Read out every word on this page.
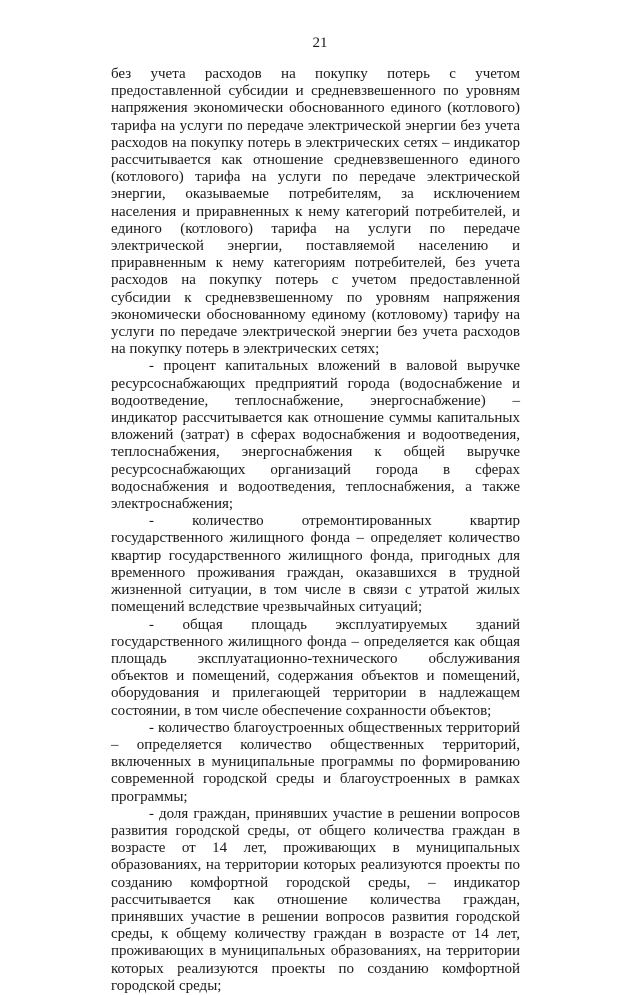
21

без учета расходов на покупку потерь с учетом предоставленной субсидии и средневзвешенного по уровням напряжения экономически обоснованного единого (котлового) тарифа на услуги по передаче электрической энергии без учета расходов на покупку потерь в электрических сетях – индикатор рассчитывается как отношение средневзвешенного единого (котлового) тарифа на услуги по передаче электрической энергии, оказываемые потребителям, за исключением населения и приравненных к нему категорий потребителей, и единого (котлового) тарифа на услуги по передаче электрической энергии, поставляемой населению и приравненным к нему категориям потребителей, без учета расходов на покупку потерь с учетом предоставленной субсидии к средневзвешенному по уровням напряжения экономически обоснованному единому (котловому) тарифу на услуги по передаче электрической энергии без учета расходов на покупку потерь в электрических сетях;

- процент капитальных вложений в валовой выручке ресурсоснабжающих предприятий города (водоснабжение и водоотведение, теплоснабжение, энергоснабжение) – индикатор рассчитывается как отношение суммы капитальных вложений (затрат) в сферах водоснабжения и водоотведения, теплоснабжения, энергоснабжения к общей выручке ресурсоснабжающих организаций города в сферах водоснабжения и водоотведения, теплоснабжения, а также электроснабжения;

- количество отремонтированных квартир государственного жилищного фонда – определяет количество квартир государственного жилищного фонда, пригодных для временного проживания граждан, оказавшихся в трудной жизненной ситуации, в том числе в связи с утратой жилых помещений вследствие чрезвычайных ситуаций;

- общая площадь эксплуатируемых зданий государственного жилищного фонда – определяется как общая площадь эксплуатационно-технического обслуживания объектов и помещений, содержания объектов и помещений, оборудования и прилегающей территории в надлежащем состоянии, в том числе обеспечение сохранности объектов;

- количество благоустроенных общественных территорий – определяется количество общественных территорий, включенных в муниципальные программы по формированию современной городской среды и благоустроенных в рамках программы;

- доля граждан, принявших участие в решении вопросов развития городской среды, от общего количества граждан в возрасте от 14 лет, проживающих в муниципальных образованиях, на территории которых реализуются проекты по созданию комфортной городской среды, – индикатор рассчитывается как отношение количества граждан, принявших участие в решении вопросов развития городской среды, к общему количеству граждан в возрасте от 14 лет, проживающих в муниципальных образованиях, на территории которых реализуются проекты по созданию комфортной городской среды;
